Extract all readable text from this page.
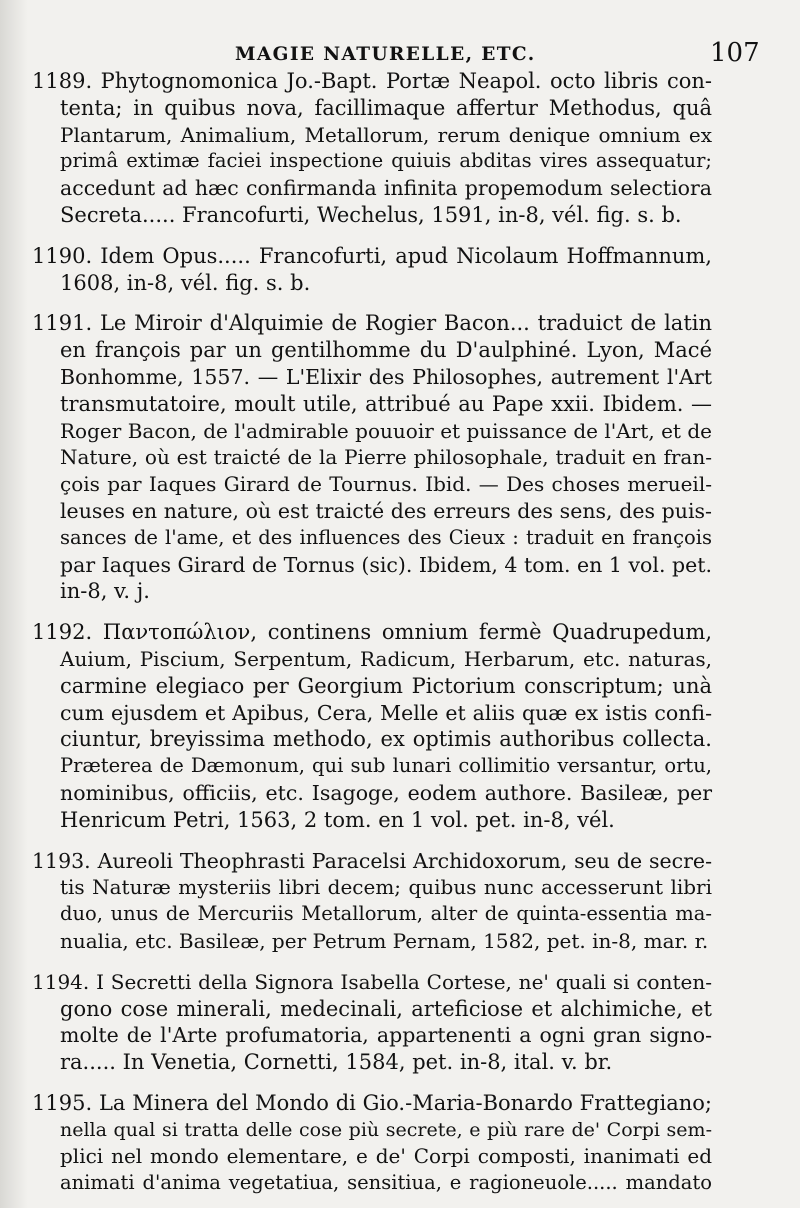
MAGIE NATURELLE, ETC.	107
1189. Phytognomonica Jo.-Bapt. Portæ Neapol. octo libris con-
tenta; in quibus nova, facillimaque affertur Methodus, quâ
Plantarum, Animalium, Metallorum, rerum denique omnium ex
primâ extimæ faciei inspectione quiuis abditas vires assequatur;
accedunt ad hæc confirmanda infinita propemodum selectiora
Secreta..... Francofurti, Wechelus, 1591, in-8, vél. fig. s. b.
1190. Idem Opus..... Francofurti, apud Nicolaum Hoffmannum,
1608, in-8, vél. fig. s. b.
1191. Le Miroir d'Alquimie de Rogier Bacon... traduict de latin
en françois par un gentilhomme du D'aulphiné. Lyon, Macé
Bonhomme, 1557. — L'Elixir des Philosophes, autrement l'Art
transmutatoire, moult utile, attribué au Pape xxii. Ibidem. —
Roger Bacon, de l'admirable pouuoir et puissance de l'Art, et de
Nature, où est traicté de la Pierre philosophale, traduit en fran-
çois par Iaques Girard de Tournus. Ibid. — Des choses merueil-
leuses en nature, où est traicté des erreurs des sens, des puis-
sances de l'ame, et des influences des Cieux : traduit en françois
par Iaques Girard de Tornus (sic). Ibidem, 4 tom. en 1 vol. pet.
in-8, v. j.
1192. Παντοπώλιον, continens omnium fermè Quadrupedum,
Auium, Piscium, Serpentum, Radicum, Herbarum, etc. naturas,
carmine elegiaco per Georgium Pictorium conscriptum; unà
cum ejusdem et Apibus, Cera, Melle et aliis quæ ex istis confi-
ciuntur, breyissima methodo, ex optimis authoribus collecta.
Præterea de Dæmonum, qui sub lunari collimitio versantur, ortu,
nominibus, officiis, etc. Isagoge, eodem authore. Basileæ, per
Henricum Petri, 1563, 2 tom. en 1 vol. pet. in-8, vél.
1193. Aureoli Theophrasti Paracelsi Archidoxorum, seu de secre-
tis Naturæ mysteriis libri decem; quibus nunc accesserunt libri
duo, unus de Mercuriis Metallorum, alter de quinta-essentia ma-
nualia, etc. Basileæ, per Petrum Pernam, 1582, pet. in-8, mar. r.
1194. I Secretti della Signora Isabella Cortese, ne' quali si conten-
gono cose minerali, medecinali, arteficiose et alchimiche, et
molte de l'Arte profumatoria, appartenenti a ogni gran signo-
ra..... In Venetia, Cornetti, 1584, pet. in-8, ital. v. br.
1195. La Minera del Mondo di Gio.-Maria-Bonardo Frattegiano;
nella qual si tratta delle cose più secrete, e più rare de' Corpi sem-
plici nel mondo elementare, e de' Corpi composti, inanimati ed
animati d'anima vegetatiua, sensitiua, e ragioneuole..... mandato
